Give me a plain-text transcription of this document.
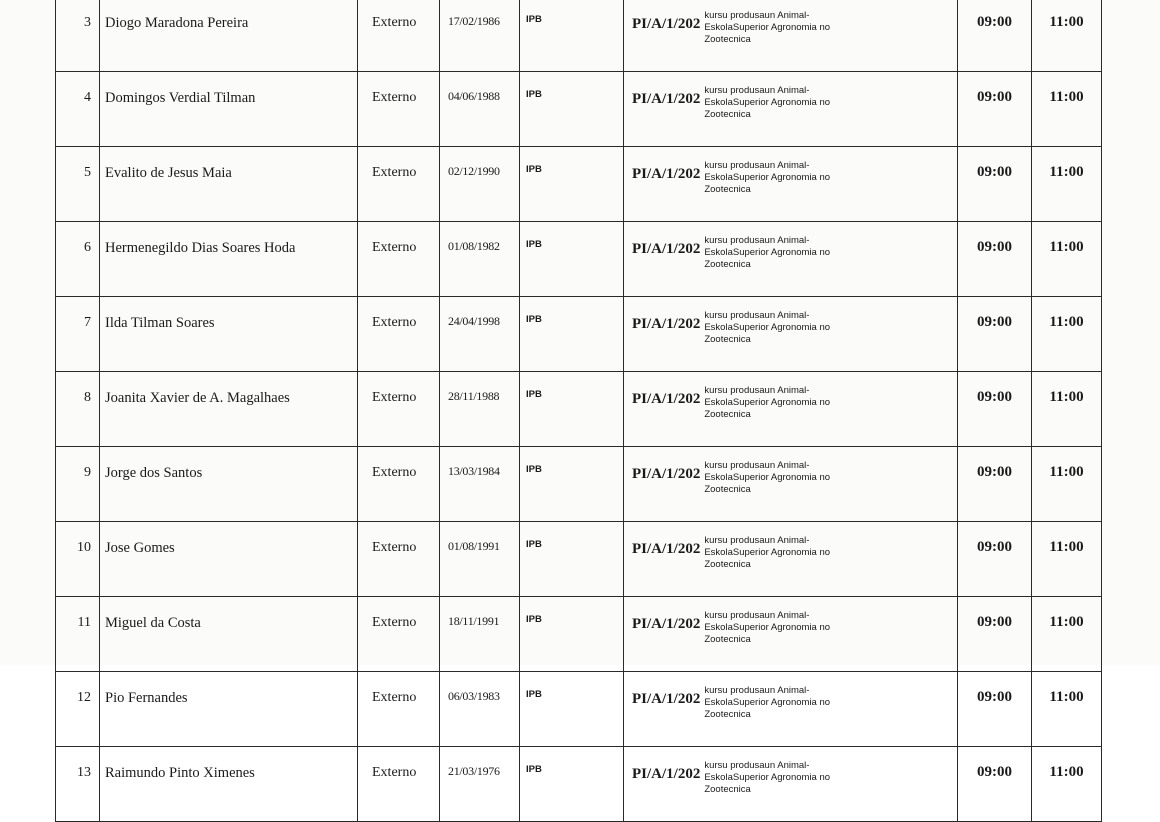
3	Diogo Maradona Pereira	Externo	17/02/1986	IPB	PI/A/1/202
kursu produsaun Animal-
EskolaSuperior Agronomia no
Zootecnica	09:00	11:00
4	Domingos Verdial Tilman	Externo	04/06/1988	IPB	PI/A/1/202
kursu produsaun Animal-
EskolaSuperior Agronomia no
Zootecnica	09:00	11:00
5	Evalito de Jesus Maia	Externo	02/12/1990	IPB	PI/A/1/202
kursu produsaun Animal-
EskolaSuperior Agronomia no
Zootecnica	09:00	11:00
6	Hermenegildo Dias Soares Hoda	Externo	01/08/1982	IPB	PI/A/1/202
kursu produsaun Animal-
EskolaSuperior Agronomia no
Zootecnica	09:00	11:00
7	Ilda Tilman Soares	Externo	24/04/1998	IPB	PI/A/1/202
kursu produsaun Animal-
EskolaSuperior Agronomia no
Zootecnica	09:00	11:00
8	Joanita Xavier de A. Magalhaes	Externo	28/11/1988	IPB	PI/A/1/202
kursu produsaun Animal-
EskolaSuperior Agronomia no
Zootecnica	09:00	11:00
9	Jorge dos Santos	Externo	13/03/1984	IPB	PI/A/1/202
kursu produsaun Animal-
EskolaSuperior Agronomia no
Zootecnica	09:00	11:00
10	Jose Gomes	Externo	01/08/1991	IPB	PI/A/1/202
kursu produsaun Animal-
EskolaSuperior Agronomia no
Zootecnica	09:00	11:00
11	Miguel da Costa	Externo	18/11/1991	IPB	PI/A/1/202
kursu produsaun Animal-
EskolaSuperior Agronomia no
Zootecnica	09:00	11:00
12	Pio Fernandes	Externo	06/03/1983	IPB	PI/A/1/202
kursu produsaun Animal-
EskolaSuperior Agronomia no
Zootecnica	09:00	11:00
13	Raimundo Pinto Ximenes	Externo	21/03/1976	IPB	PI/A/1/202
kursu produsaun Animal-
EskolaSuperior Agronomia no
Zootecnica	09:00	11:00
